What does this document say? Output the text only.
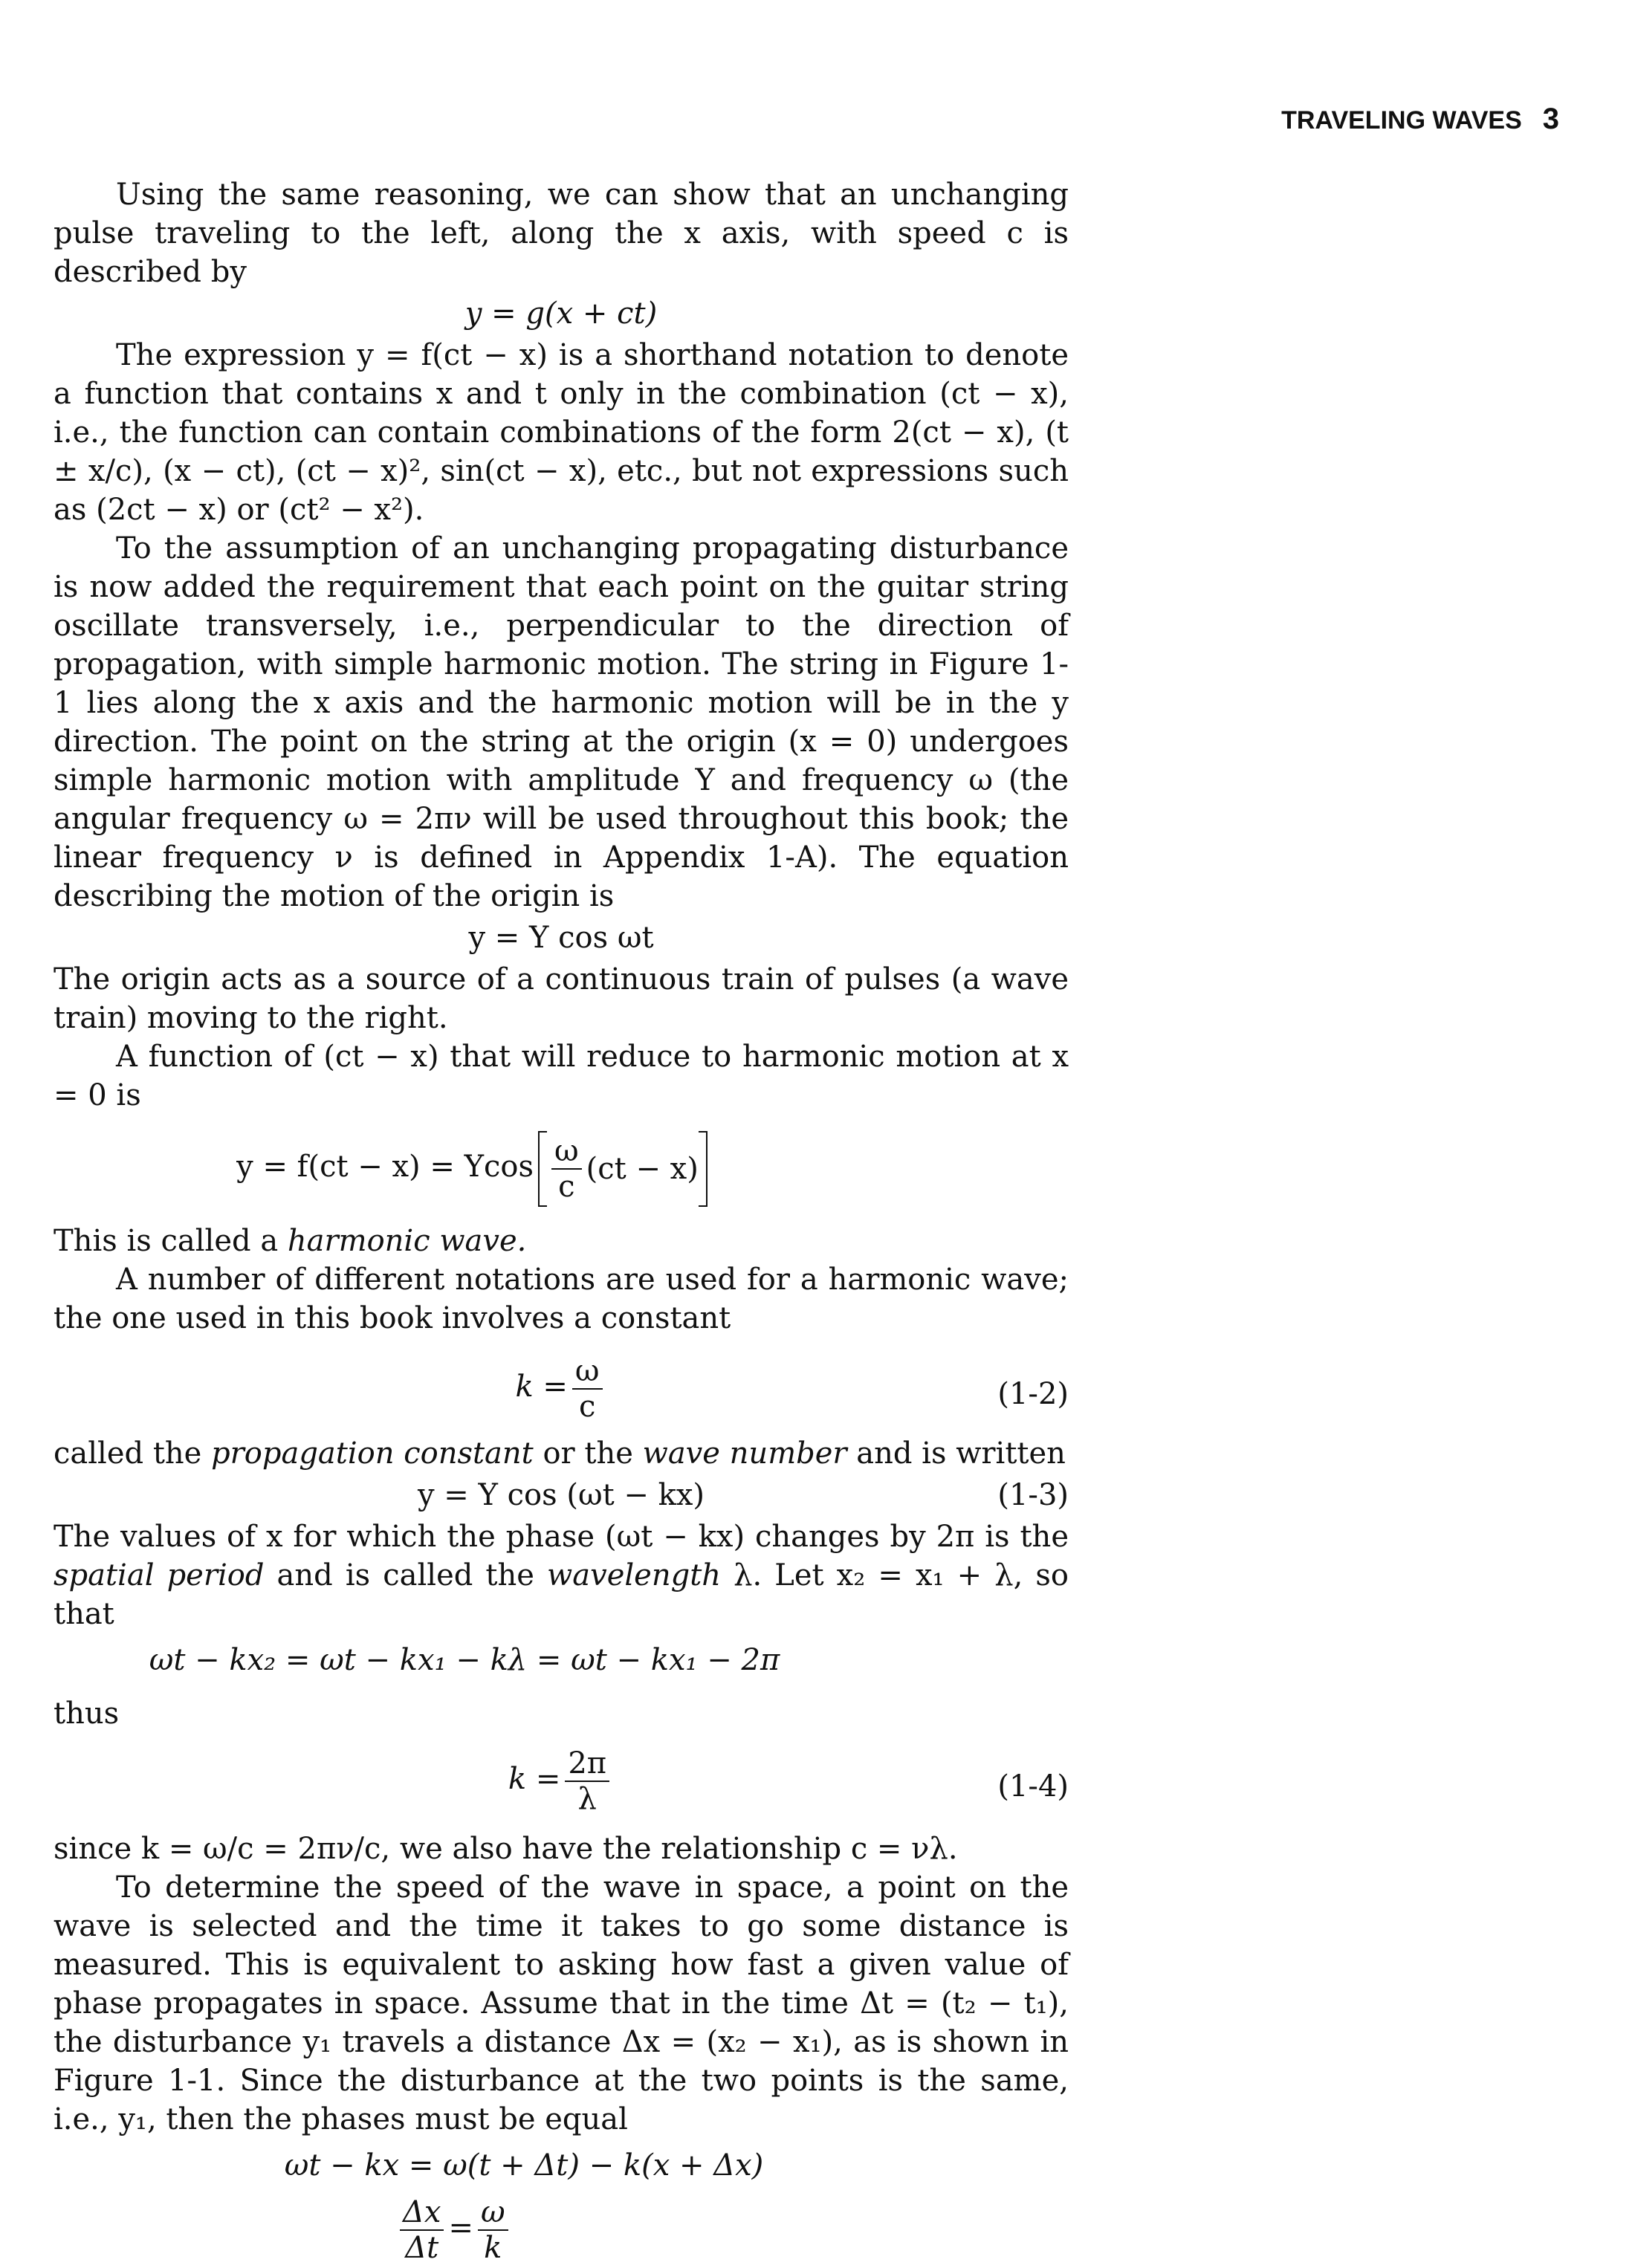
TRAVELING WAVES 3

Using the same reasoning, we can show that an unchanging pulse traveling to the left, along the x axis, with speed c is described by

y = g(x + ct)

The expression y = f(ct − x) is a shorthand notation to denote a function that contains x and t only in the combination (ct − x), i.e., the function can contain combinations of the form 2(ct − x), (t ± x/c), (x − ct), (ct − x)², sin(ct − x), etc., but not expressions such as (2ct − x) or (ct² − x²).

To the assumption of an unchanging propagating disturbance is now added the requirement that each point on the guitar string oscillate transversely, i.e., perpendicular to the direction of propagation, with simple harmonic motion. The string in Figure 1-1 lies along the x axis and the harmonic motion will be in the y direction. The point on the string at the origin (x = 0) undergoes simple harmonic motion with amplitude Y and frequency ω (the angular frequency ω = 2πν will be used throughout this book; the linear frequency ν is defined in Appendix 1-A). The equation describing the motion of the origin is

y = Y cos ωt

The origin acts as a source of a continuous train of pulses (a wave train) moving to the right.

A function of (ct − x) that will reduce to harmonic motion at x = 0 is

y = f(ct − x) = Ycos $\frac{\omega}{c} (ct - x)$

This is called a harmonic wave.

A number of different notations are used for a harmonic wave; the one used in this book involves a constant

$k = \frac{\omega}{c}$	(1-2)

called the propagation constant or the wave number and is written

y = Y cos (ωt − kx)	(1-3)

The values of x for which the phase (ωt − kx) changes by 2π is the spatial period and is called the wavelength λ. Let x₂ = x₁ + λ, so that

ωt − kx₂ = ωt − kx₁ − kλ = ωt − kx₁ − 2π

thus

$k = \frac{2\pi}{\lambda}$	(1-4)

since k = ω/c = 2πν/c, we also have the relationship c = νλ.

To determine the speed of the wave in space, a point on the wave is selected and the time it takes to go some distance is measured. This is equivalent to asking how fast a given value of phase propagates in space. Assume that in the time Δt = (t₂ − t₁), the disturbance y₁ travels a distance Δx = (x₂ − x₁), as is shown in Figure 1-1. Since the disturbance at the two points is the same, i.e., y₁, then the phases must be equal

ωt − kx = ω(t + Δt) − k(x + Δx)
$\frac{\Delta x}{\Delta t} = \frac{\omega}{k}$
